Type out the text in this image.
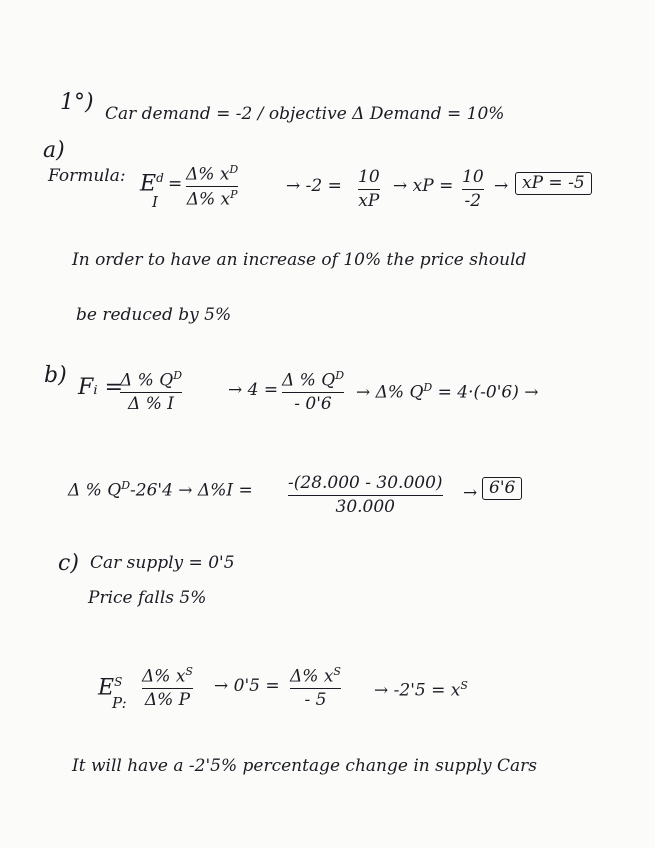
1°) Car demand = -2 / objective Δ Demand = 10%
a)
Formula: $E^d$
I
= Δ% $x^D$
Δ% $x^P$	→ -2 = 10
xP
→ xP = 10
-2
→ xP = -5
In order to have an increase of 10% the price should
be reduced by 5%
b) Fᵢ =
Δ % $Q^D$
Δ % I
→ 4 = Δ % $Q^D$
- 0'6
→ Δ% $Q^D = 4\cdot(-0'6)$ →
Δ % $Q^D-26'4 \to \Delta\%I = -(28.000 - 30.000)$
30.000
→ 6'6
c) Car supply = 0'5
Price falls 5%
$E^S$
P:
Δ% $x^S$
Δ% P
→ 0'5 = Δ% $x^S$
- 5	→ $-2'5 = x^S$
It will have a -2'5% percentage change in supply Cars
